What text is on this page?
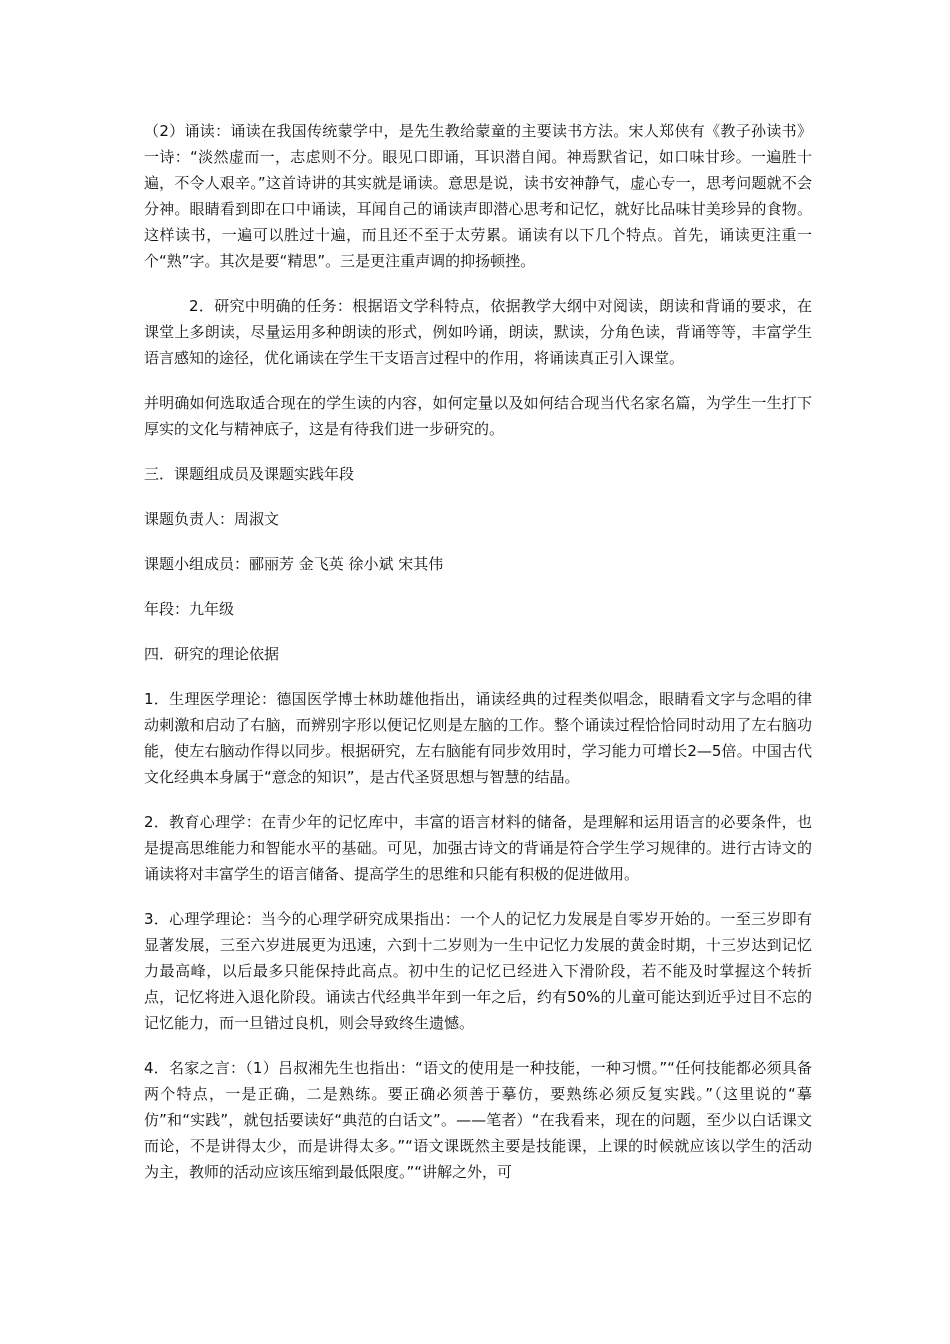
（2）诵读：诵读在我国传统蒙学中，是先生教给蒙童的主要读书方法。宋人郑侠有《教子孙读书》一诗：“淡然虚而一，志虑则不分。眼见口即诵，耳识潜自闻。神焉默省记，如口味甘珍。一遍胜十遍，不令人艰辛。”这首诗讲的其实就是诵读。意思是说，读书安神静气，虚心专一，思考问题就不会分神。眼睛看到即在口中诵读，耳闻自己的诵读声即潜心思考和记忆，就好比品味甘美珍异的食物。这样读书，一遍可以胜过十遍，而且还不至于太劳累。诵读有以下几个特点。首先，诵读更注重一个“熟”字。其次是要“精思”。三是更注重声调的抑扬顿挫。

2．研究中明确的任务：根据语文学科特点，依据教学大纲中对阅读，朗读和背诵的要求，在课堂上多朗读，尽量运用多种朗读的形式，例如吟诵，朗读，默读，分角色读，背诵等等，丰富学生语言感知的途径，优化诵读在学生干支语言过程中的作用，将诵读真正引入课堂。

并明确如何选取适合现在的学生读的内容，如何定量以及如何结合现当代名家名篇，为学生一生打下厚实的文化与精神底子，这是有待我们进一步研究的。

三．课题组成员及课题实践年段

课题负责人：周淑文

课题小组成员：郦丽芳 金飞英 徐小斌 宋其伟

年段：九年级

四．研究的理论依据

1．生理医学理论：德国医学博士林助雄他指出，诵读经典的过程类似唱念，眼睛看文字与念唱的律动刺激和启动了右脑，而辨别字形以便记忆则是左脑的工作。整个诵读过程恰恰同时动用了左右脑功能，使左右脑动作得以同步。根据研究，左右脑能有同步效用时，学习能力可增长2—5倍。中国古代文化经典本身属于“意念的知识”，是古代圣贤思想与智慧的结晶。

2．教育心理学：在青少年的记忆库中，丰富的语言材料的储备，是理解和运用语言的必要条件，也是提高思维能力和智能水平的基础。可见，加强古诗文的背诵是符合学生学习规律的。进行古诗文的诵读将对丰富学生的语言储备、提高学生的思维和只能有积极的促进做用。

3．心理学理论：当今的心理学研究成果指出：一个人的记忆力发展是自零岁开始的。一至三岁即有显著发展，三至六岁进展更为迅速，六到十二岁则为一生中记忆力发展的黄金时期，十三岁达到记忆力最高峰，以后最多只能保持此高点。初中生的记忆已经进入下滑阶段，若不能及时掌握这个转折点，记忆将进入退化阶段。诵读古代经典半年到一年之后，约有50%的儿童可能达到近乎过目不忘的记忆能力，而一旦错过良机，则会导致终生遗憾。

4．名家之言：（1）吕叔湘先生也指出：“语文的使用是一种技能，一种习惯。”“任何技能都必须具备两个特点，一是正确，二是熟练。要正确必须善于摹仿，要熟练必须反复实践。”（这里说的“摹仿”和“实践”，就包括要读好“典范的白话文”。——笔者）“在我看来，现在的问题，至少以白话课文而论，不是讲得太少，而是讲得太多。”“语文课既然主要是技能课，上课的时候就应该以学生的活动为主，教师的活动应该压缩到最低限度。”“讲解之外，可
